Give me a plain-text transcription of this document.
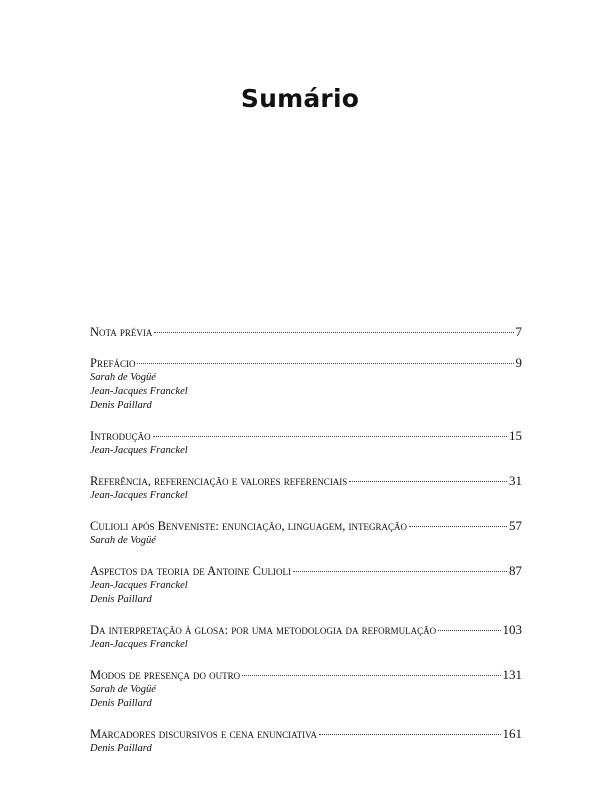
Sumário
Nota prévia	7
Prefácio	9
Sarah de Vogüé
Jean-Jacques Franckel
Denis Paillard
Introdução	15
Jean-Jacques Franckel
Referência, referenciação e valores referenciais	31
Jean-Jacques Franckel
Culioli após Benveniste: enunciação, linguagem, integração	57
Sarah de Vogüé
Aspectos da teoria de Antoine Culioli	87
Jean-Jacques Franckel
Denis Paillard
Da interpretação à glosa: por uma metodologia da reformulação	103
Jean-Jacques Franckel
Modos de presença do outro	131
Sarah de Vogüé
Denis Paillard
Marcadores discursivos e cena enunciativa	161
Denis Paillard
